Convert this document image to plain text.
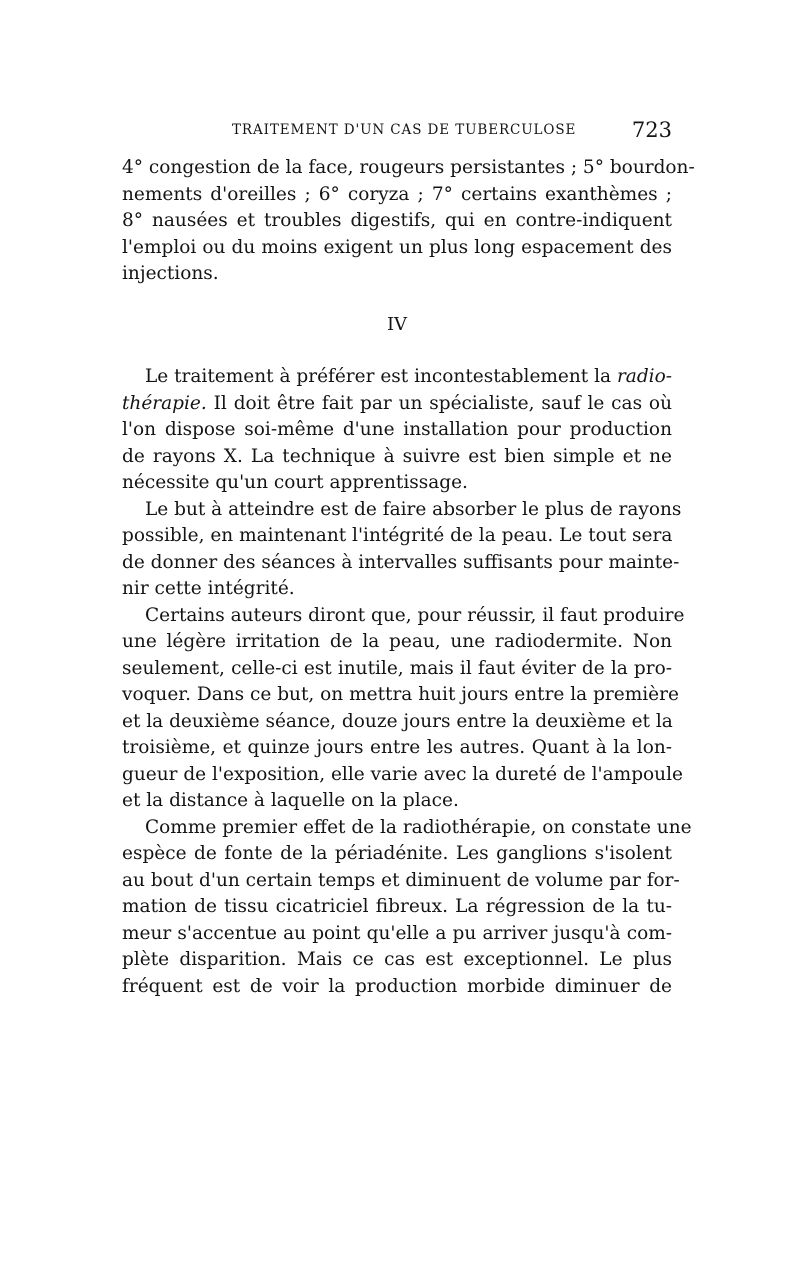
TRAITEMENT D'UN CAS DE TUBERCULOSE	723
4° congestion de la face, rougeurs persistantes ; 5° bourdon-
nements d'oreilles ; 6° coryza ; 7° certains exanthèmes ;
8° nausées et troubles digestifs, qui en contre-indiquent
l'emploi ou du moins exigent un plus long espacement des
injections.
IV
Le traitement à préférer est incontestablement la radio-
thérapie. Il doit être fait par un spécialiste, sauf le cas où
l'on dispose soi-même d'une installation pour production
de rayons X. La technique à suivre est bien simple et ne
nécessite qu'un court apprentissage.
Le but à atteindre est de faire absorber le plus de rayons
possible, en maintenant l'intégrité de la peau. Le tout sera
de donner des séances à intervalles suffisants pour mainte-
nir cette intégrité.
Certains auteurs diront que, pour réussir, il faut produire
une légère irritation de la peau, une radiodermite. Non
seulement, celle-ci est inutile, mais il faut éviter de la pro-
voquer. Dans ce but, on mettra huit jours entre la première
et la deuxième séance, douze jours entre la deuxième et la
troisième, et quinze jours entre les autres. Quant à la lon-
gueur de l'exposition, elle varie avec la dureté de l'ampoule
et la distance à laquelle on la place.
Comme premier effet de la radiothérapie, on constate une
espèce de fonte de la périadénite. Les ganglions s'isolent
au bout d'un certain temps et diminuent de volume par for-
mation de tissu cicatriciel fibreux. La régression de la tu-
meur s'accentue au point qu'elle a pu arriver jusqu'à com-
plète disparition. Mais ce cas est exceptionnel. Le plus
fréquent est de voir la production morbide diminuer de
